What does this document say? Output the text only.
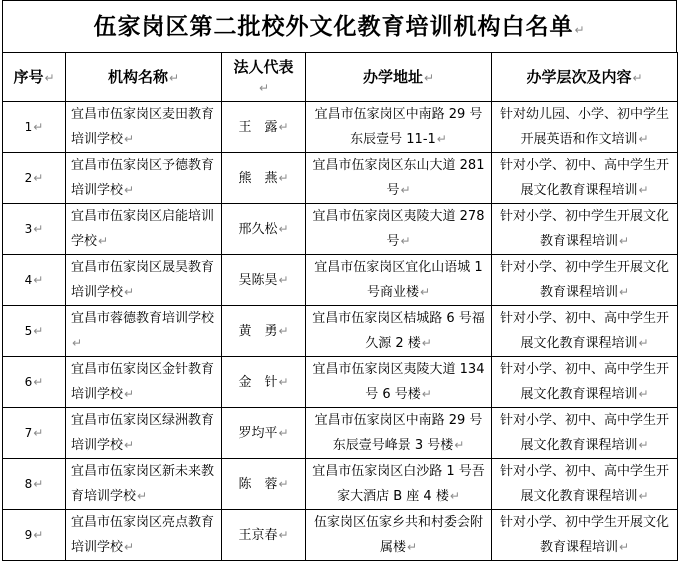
伍家岗区第二批校外文化教育培训机构白名单↵
序号↵	机构名称↵	法人代表↵	办学地址↵	办学层次及内容↵
1↵	宜昌市伍家岗区麦田教育培训学校↵	王　露↵	宜昌市伍家岗区中南路 29 号东辰壹号 11-1↵	针对幼儿园、小学、初中学生开展英语和作文培训↵
2↵	宜昌市伍家岗区予德教育培训学校↵	熊　燕↵	宜昌市伍家岗区东山大道 281 号↵	针对小学、初中、高中学生开展文化教育课程培训↵
3↵	宜昌市伍家岗区启能培训学校↵	邢久松↵	宜昌市伍家岗区夷陵大道 278 号↵	针对小学、初中学生开展文化教育课程培训↵
4↵	宜昌市伍家岗区晟昊教育培训学校↵	吴陈昊↵	宜昌市伍家岗区宜化山语城 1 号商业楼↵	针对小学、初中学生开展文化教育课程培训↵
5↵	宜昌市蓉德教育培训学校↵	黄　勇↵	宜昌市伍家岗区桔城路 6 号福久源 2 楼↵	针对小学、初中、高中学生开展文化教育课程培训↵
6↵	宜昌市伍家岗区金针教育培训学校↵	金　针↵	宜昌市伍家岗区夷陵大道 134 号 6 号楼↵	针对小学、初中、高中学生开展文化教育课程培训↵
7↵	宜昌市伍家岗区绿洲教育培训学校↵	罗均平↵	宜昌市伍家岗区中南路 29 号东辰壹号峰景 3 号楼↵	针对小学、初中、高中学生开展文化教育课程培训↵
8↵	宜昌市伍家岗区新未来教育培训学校↵	陈　蓉↵	宜昌市伍家岗区白沙路 1 号吾家大酒店 B 座 4 楼↵	针对小学、初中、高中学生开展文化教育课程培训↵
9↵	宜昌市伍家岗区亮点教育培训学校↵	王京春↵	伍家岗区伍家乡共和村委会附属楼↵	针对小学、初中学生开展文化教育课程培训↵
